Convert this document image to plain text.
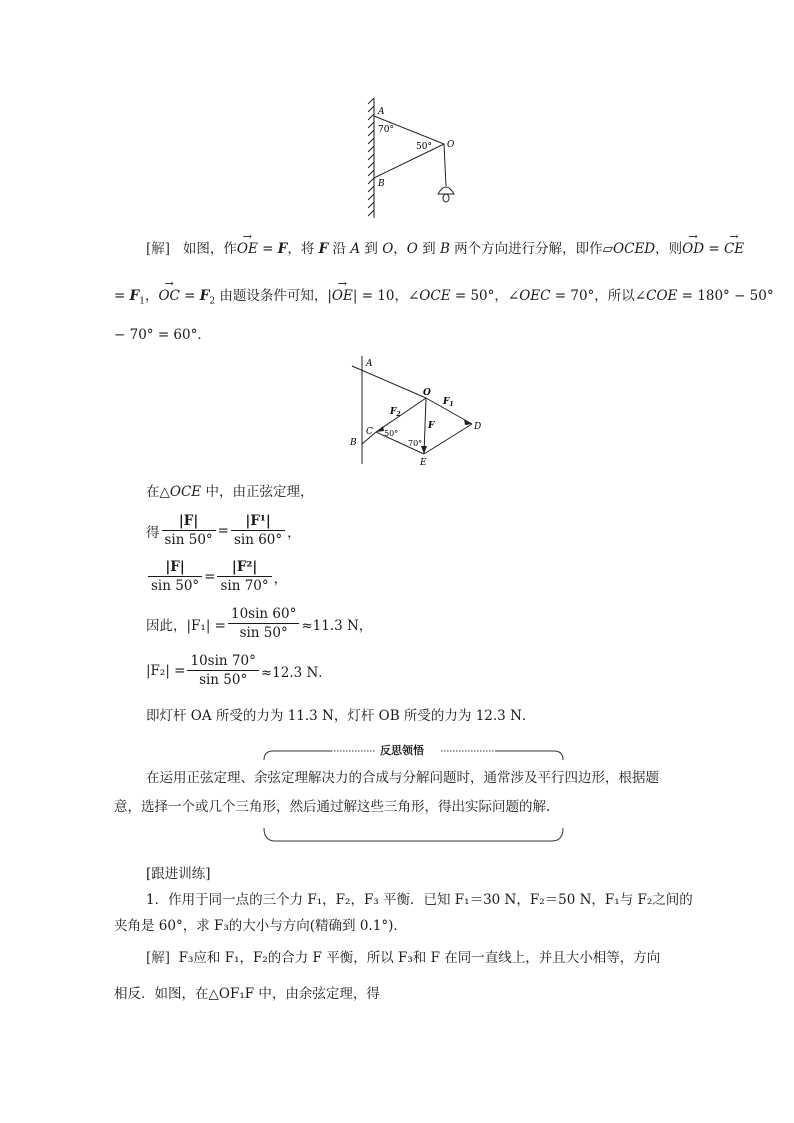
A
70°
50° O
B
[解] 如图，作→ OE = F，将 F 沿 A 到 O，O 到 B 两个方向进行分解，即作▱OCED，则→ OD = → CE
= $F_1$，→ OC = $F_2$ 由题设条件可知，|→ OE| = 10，∠OCE = 50°，∠OEC = 70°，所以∠COE = 180° − 50°
− 70° = 60°．
A
O
$F_1$
$F_2$
F
C 50°
70°
D
B
E
在△OCE 中，由正弦定理，
得 $\frac{|F|}{\sin 50^\circ} = \frac{\text{|F¹|}}{\sin 60^\circ}$ ，
$\frac{|F|}{\sin 50^\circ} = \frac{\text{|F²|}}{\sin 70^\circ}$ ，
因此，$|F_1| = \frac{10\sin 60^\circ}{\sin 50^\circ} \approx 11.3$ N，
$|F_2| = \frac{10\sin 70^\circ}{\sin 50^\circ} \approx 12.3$ N．
即灯杆 OA 所受的力为 11.3 N，灯杆 OB 所受的力为 12.3 N．
反思领悟
在运用正弦定理、余弦定理解决力的合成与分解问题时，通常涉及平行四边形，根据题
意，选择一个或几个三角形，然后通过解这些三角形，得出实际问题的解.
[跟进训练]
1．作用于同一点的三个力 F₁，F₂，F₃ 平衡．已知 F₁＝30 N，F₂＝50 N，F₁与 F₂之间的
夹角是 60°，求 F₃的大小与方向(精确到 0.1°)．
[解] F₃应和 F₁，F₂的合力 F 平衡，所以 F₃和 F 在同一直线上，并且大小相等，方向
相反．如图，在△OF₁F 中，由余弦定理，得
